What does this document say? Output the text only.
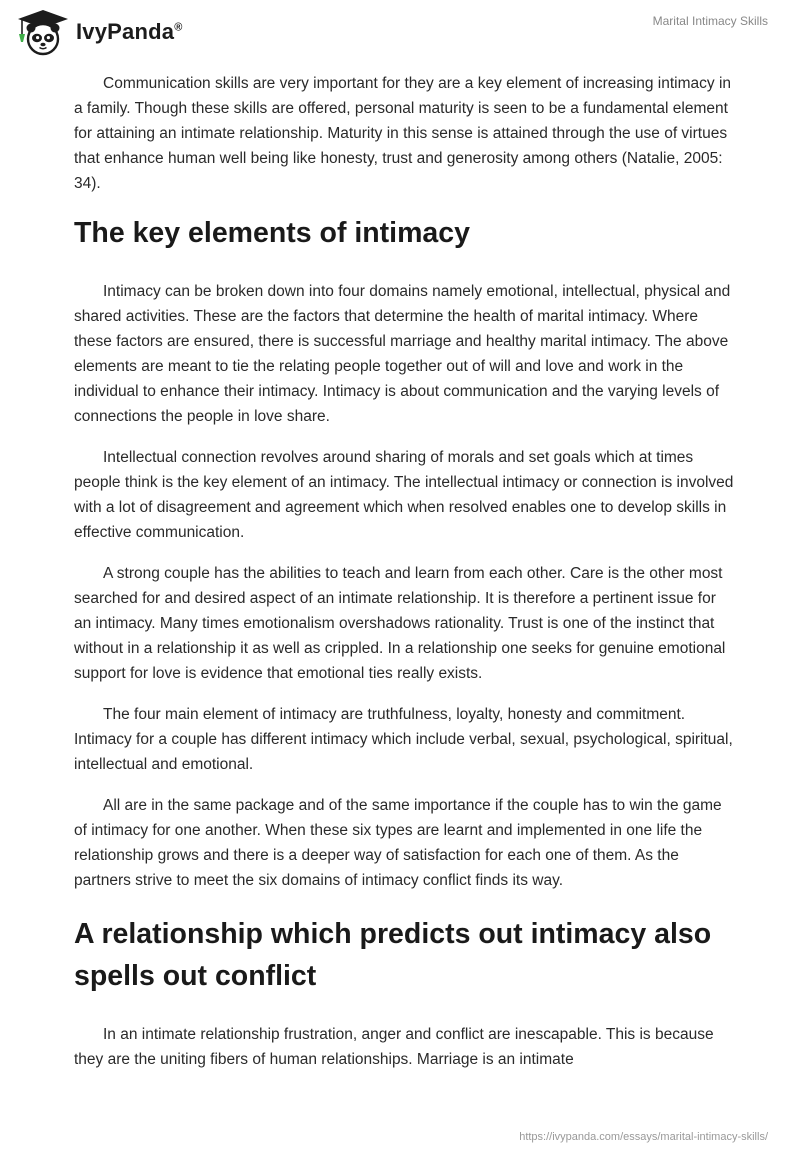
IvyPanda®	Marital Intimacy Skills

Communication skills are very important for they are a key element of increasing intimacy in a family. Though these skills are offered, personal maturity is seen to be a fundamental element for attaining an intimate relationship. Maturity in this sense is attained through the use of virtues that enhance human well being like honesty, trust and generosity among others (Natalie, 2005: 34).

The key elements of intimacy

Intimacy can be broken down into four domains namely emotional, intellectual, physical and shared activities. These are the factors that determine the health of marital intimacy. Where these factors are ensured, there is successful marriage and healthy marital intimacy. The above elements are meant to tie the relating people together out of will and love and work in the individual to enhance their intimacy. Intimacy is about communication and the varying levels of connections the people in love share.

Intellectual connection revolves around sharing of morals and set goals which at times people think is the key element of an intimacy. The intellectual intimacy or connection is involved with a lot of disagreement and agreement which when resolved enables one to develop skills in effective communication.

A strong couple has the abilities to teach and learn from each other. Care is the other most searched for and desired aspect of an intimate relationship. It is therefore a pertinent issue for an intimacy. Many times emotionalism overshadows rationality. Trust is one of the instinct that without in a relationship it as well as crippled. In a relationship one seeks for genuine emotional support for love is evidence that emotional ties really exists.

The four main element of intimacy are truthfulness, loyalty, honesty and commitment. Intimacy for a couple has different intimacy which include verbal, sexual, psychological, spiritual, intellectual and emotional.

All are in the same package and of the same importance if the couple has to win the game of intimacy for one another. When these six types are learnt and implemented in one life the relationship grows and there is a deeper way of satisfaction for each one of them. As the partners strive to meet the six domains of intimacy conflict finds its way.

A relationship which predicts out intimacy also spells out conflict

In an intimate relationship frustration, anger and conflict are inescapable. This is because they are the uniting fibers of human relationships. Marriage is an intimate

https://ivypanda.com/essays/marital-intimacy-skills/
